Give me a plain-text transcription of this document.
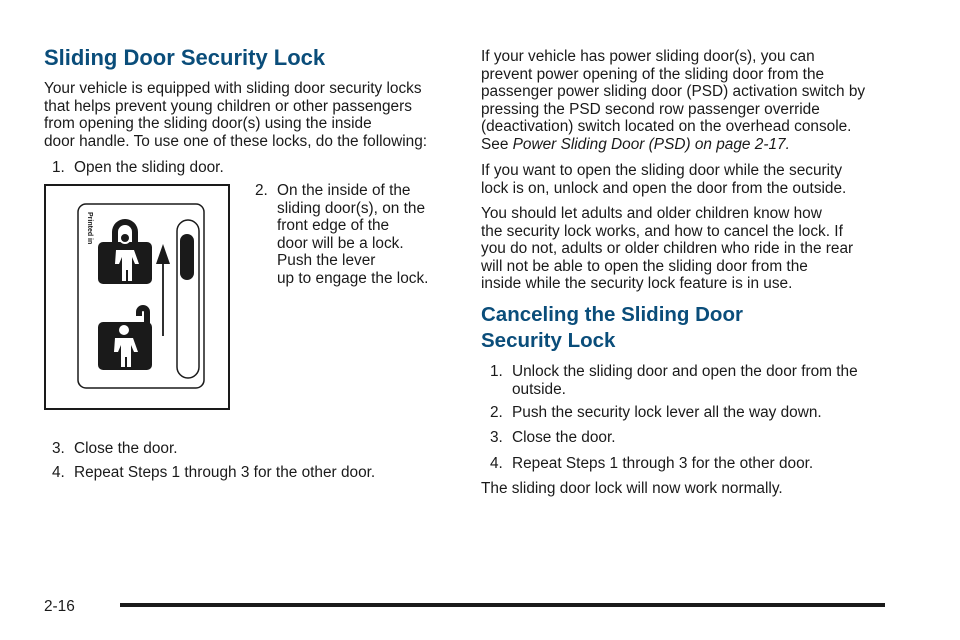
Sliding Door Security Lock
Your vehicle is equipped with sliding door security locks
that helps prevent young children or other passengers
from opening the sliding door(s) using the inside
door handle. To use one of these locks, do the following:
1. Open the sliding door.
2. On the inside of the
sliding door(s), on the
front edge of the
door will be a lock.
Push the lever
up to engage the lock.
Printed in
3. Close the door.
4. Repeat Steps 1 through 3 for the other door.
If your vehicle has power sliding door(s), you can
prevent power opening of the sliding door from the
passenger power sliding door (PSD) activation switch by
pressing the PSD second row passenger override
(deactivation) switch located on the overhead console.
See Power Sliding Door (PSD) on page 2-17.
If you want to open the sliding door while the security
lock is on, unlock and open the door from the outside.
You should let adults and older children know how
the security lock works, and how to cancel the lock. If
you do not, adults or older children who ride in the rear
will not be able to open the sliding door from the
inside while the security lock feature is in use.
Canceling the Sliding Door
Security Lock
1. Unlock the sliding door and open the door from the
outside.
2. Push the security lock lever all the way down.
3. Close the door.
4. Repeat Steps 1 through 3 for the other door.
The sliding door lock will now work normally.
2-16
